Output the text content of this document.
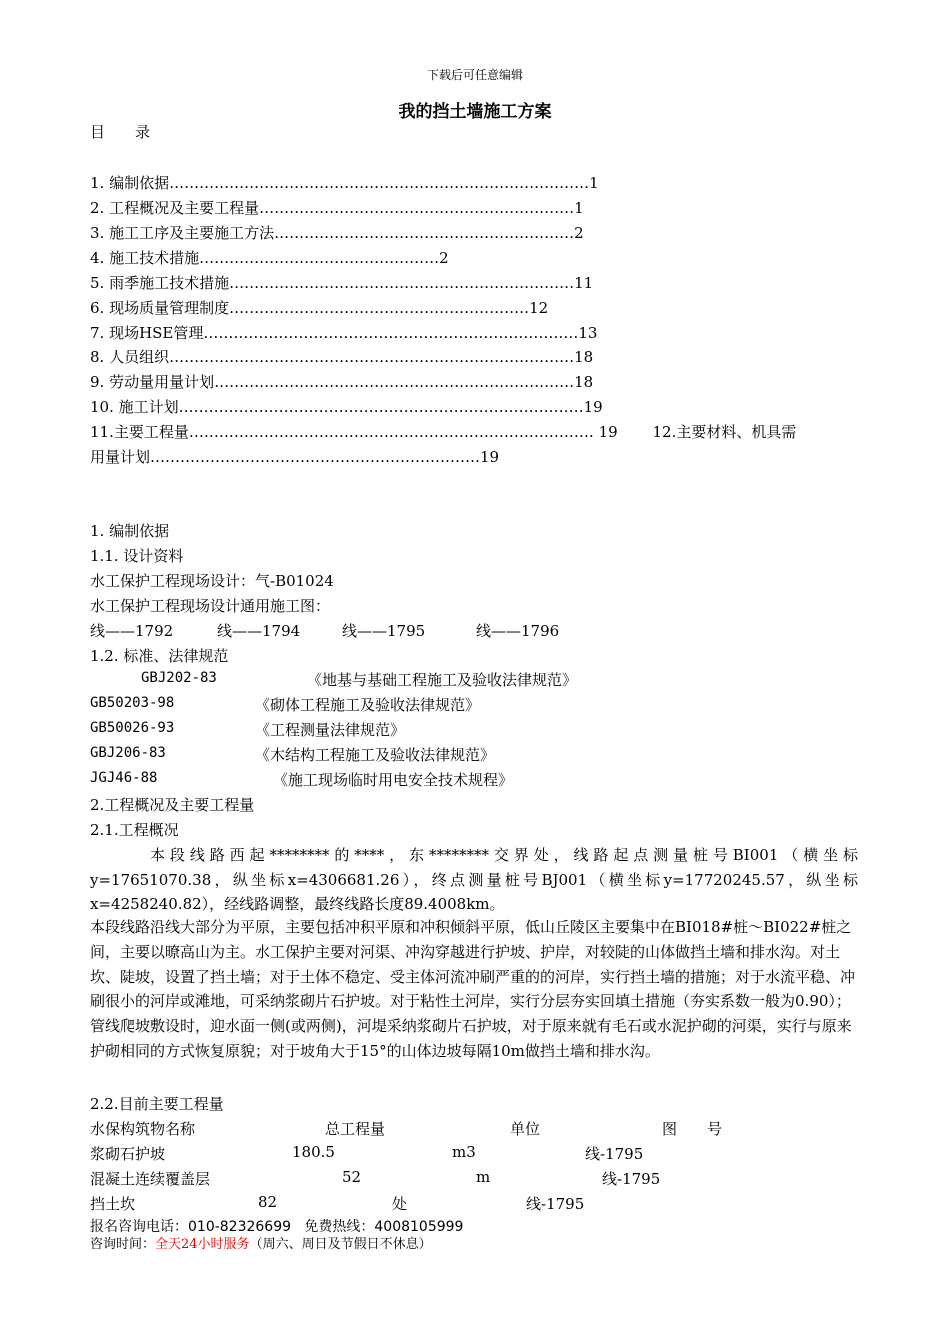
下载后可任意编辑
我的挡土墙施工方案
目　　录
1. 编制依据…………………………………………………………………………1
2. 工程概况及主要工程量………………………………………………………1
3. 施工工序及主要施工方法……………………………………………………2
4. 施工技术措施…………………………………………2
5. 雨季施工技术措施……………………………………………………………11
6. 现场质量管理制度……………………………………………………12
7. 现场HSE管理…………………………………………………………………13
8. 人员组织………………………………………………………………………18
9. 劳动量用量计划………………………………………………………………18
10. 施工计划………………………………………………………………………19
11.主要工程量……………………………………………………………………… 19　　 12.主要材料、机具需
用量计划…………………………………………………………19
1. 编制依据
1.1. 设计资料
水工保护工程现场设计：气-B01024
水工保护工程现场设计通用施工图：
线——1792	线——1794	线——1795	线——1796
1.2. 标准、法律规范
GBJ202-83	《地基与基础工程施工及验收法律规范》
GB50203-98	《砌体工程施工及验收法律规范》
GB50026-93	《工程测量法律规范》
GBJ206-83	《木结构工程施工及验收法律规范》
JGJ46-88	《施工现场临时用电安全技术规程》
2.工程概况及主要工程量
2.1.工程概况
本段线路西起********的****，东********交界处，线路起点测量桩号BI001（横坐标
y=17651070.38，纵坐标x=4306681.26），终点测量桩号BJ001（横坐标y=17720245.57，纵坐标
x=4258240.82），经线路调整，最终线路长度89.4008km。
本段线路沿线大部分为平原，主要包括冲积平原和冲积倾斜平原，低山丘陵区主要集中在BI018#桩～BI022#桩之间，主要以暸高山为主。水工保护主要对河渠、冲沟穿越进行护坡、护岸，对较陡的山体做挡土墙和排水沟。对土坎、陡坡，设置了挡土墙；对于土体不稳定、受主体河流冲刷严重的的河岸，实行挡土墙的措施；对于水流平稳、冲刷很小的河岸或滩地，可采纳浆砌片石护坡。对于粘性土河岸，实行分层夯实回填土措施（夯实系数一般为0.90）；管线爬坡敷设时，迎水面一侧(或两侧)，河堤采纳浆砌片石护坡，对于原来就有毛石或水泥护砌的河渠，实行与原来护砌相同的方式恢复原貌；对于坡角大于15°的山体边坡每隔10m做挡土墙和排水沟。
2.2.目前主要工程量
水保构筑物名称	总工程量	单位	图　　号
浆砌石护坡	180.5	m3	线-1795
混凝土连续覆盖层	52	m	线-1795
挡土坎	82	处	线-1795
报名咨询电话：010-82326699 免费热线：4008105999
咨询时间：全天24小时服务（周六、周日及节假日不休息）
